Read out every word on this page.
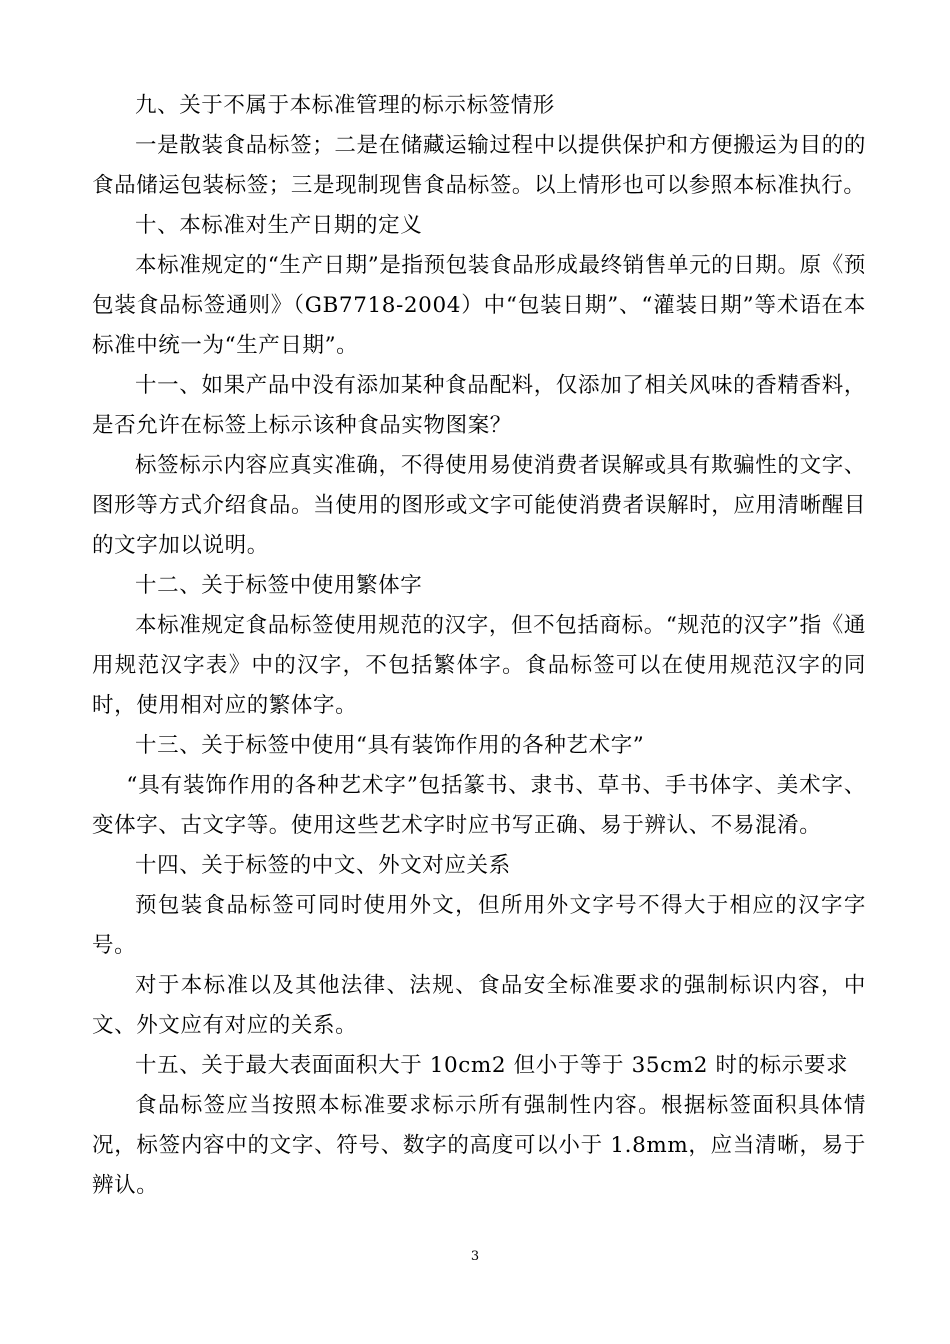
九、关于不属于本标准管理的标示标签情形

一是散装食品标签；二是在储藏运输过程中以提供保护和方便搬运为目的的食品储运包装标签；三是现制现售食品标签。以上情形也可以参照本标准执行。

十、本标准对生产日期的定义

本标准规定的“生产日期”是指预包装食品形成最终销售单元的日期。原《预包装食品标签通则》（GB7718-2004）中“包装日期”、“灌装日期”等术语在本标准中统一为“生产日期”。

十一、如果产品中没有添加某种食品配料，仅添加了相关风味的香精香料，是否允许在标签上标示该种食品实物图案？

标签标示内容应真实准确，不得使用易使消费者误解或具有欺骗性的文字、图形等方式介绍食品。当使用的图形或文字可能使消费者误解时，应用清晰醒目的文字加以说明。

十二、关于标签中使用繁体字

本标准规定食品标签使用规范的汉字，但不包括商标。“规范的汉字”指《通用规范汉字表》中的汉字，不包括繁体字。食品标签可以在使用规范汉字的同时，使用相对应的繁体字。

十三、关于标签中使用“具有装饰作用的各种艺术字”

“具有装饰作用的各种艺术字”包括篆书、隶书、草书、手书体字、美术字、变体字、古文字等。使用这些艺术字时应书写正确、易于辨认、不易混淆。

十四、关于标签的中文、外文对应关系

预包装食品标签可同时使用外文，但所用外文字号不得大于相应的汉字字号。

对于本标准以及其他法律、法规、食品安全标准要求的强制标识内容，中文、外文应有对应的关系。

十五、关于最大表面面积大于 10cm2 但小于等于 35cm2 时的标示要求

食品标签应当按照本标准要求标示所有强制性内容。根据标签面积具体情况，标签内容中的文字、符号、数字的高度可以小于 1.8mm，应当清晰，易于辨认。

3
